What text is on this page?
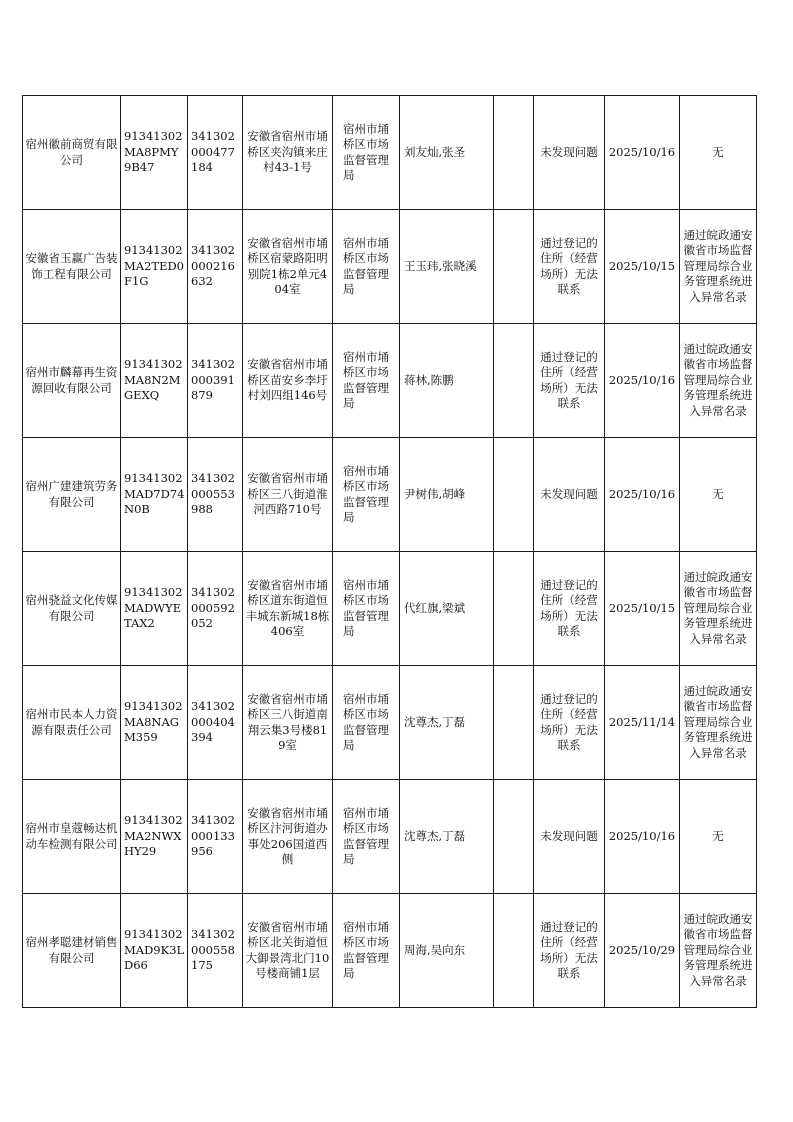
宿州徽前商贸有限公司	91341302MA8PMY9B47	341302000477184	安徽省宿州市埇桥区夹沟镇来庄村43-1号	宿州市埇桥区市场监督管理局	刘友灿,张圣		未发现问题	2025/10/16	无
安徽省玉赢广告装饰工程有限公司	91341302MA2TED0F1G	341302000216632	安徽省宿州市埇桥区宿蒙路阳明别院1栋2单元404室	宿州市埇桥区市场监督管理局	王玉玮,张晓溪		通过登记的住所（经营场所）无法联系	2025/10/15	通过皖政通安徽省市场监督管理局综合业务管理系统进入异常名录
宿州市麟幕再生资源回收有限公司	91341302MA8N2MGEXQ	341302000391879	安徽省宿州市埇桥区苗安乡李圩村刘四组146号	宿州市埇桥区市场监督管理局	蒋林,陈鹏		通过登记的住所（经营场所）无法联系	2025/10/16	通过皖政通安徽省市场监督管理局综合业务管理系统进入异常名录
宿州广建建筑劳务有限公司	91341302MAD7D74N0B	341302000553988	安徽省宿州市埇桥区三八街道淮河西路710号	宿州市埇桥区市场监督管理局	尹树伟,胡峰		未发现问题	2025/10/16	无
宿州骁益文化传媒有限公司	91341302MADWYETAX2	341302000592052	安徽省宿州市埇桥区道东街道恒丰城东新城18栋406室	宿州市埇桥区市场监督管理局	代红旗,梁斌		通过登记的住所（经营场所）无法联系	2025/10/15	通过皖政通安徽省市场监督管理局综合业务管理系统进入异常名录
宿州市民本人力资源有限责任公司	91341302MA8NAGM359	341302000404394	安徽省宿州市埇桥区三八街道南翔云集3号楼819室	宿州市埇桥区市场监督管理局	沈尊杰,丁磊		通过登记的住所（经营场所）无法联系	2025/11/14	通过皖政通安徽省市场监督管理局综合业务管理系统进入异常名录
宿州市皇蔻畅达机动车检测有限公司	91341302MA2NWXHY29	341302000133956	安徽省宿州市埇桥区汴河街道办事处206国道西侧	宿州市埇桥区市场监督管理局	沈尊杰,丁磊		未发现问题	2025/10/16	无
宿州孝聪建材销售有限公司	91341302MAD9K3LD66	341302000558175	安徽省宿州市埇桥区北关街道恒大御景湾北门10号楼商铺1层	宿州市埇桥区市场监督管理局	周海,吴向东		通过登记的住所（经营场所）无法联系	2025/10/29	通过皖政通安徽省市场监督管理局综合业务管理系统进入异常名录
